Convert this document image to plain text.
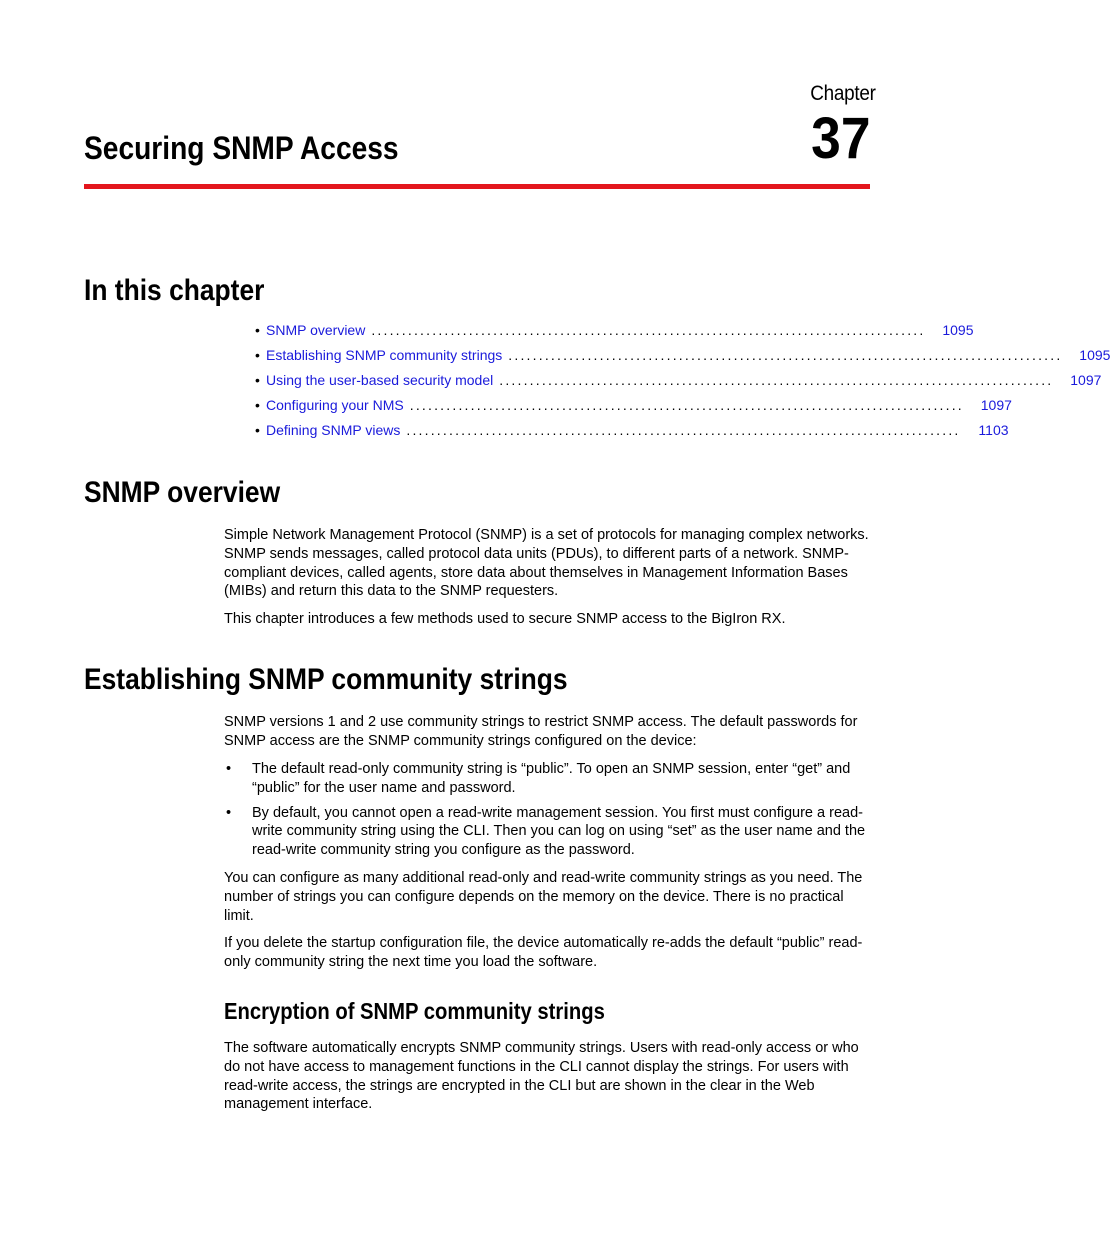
Chapter
37
Securing SNMP Access
In this chapter
• SNMP overview ...........................................................................................	1095
• Establishing SNMP community strings ...........................................................................................	1095
• Using the user-based security model ...........................................................................................	1097
• Configuring your NMS ...........................................................................................	1097
• Defining SNMP views ...........................................................................................	1103
SNMP overview

Simple Network Management Protocol (SNMP) is a set of protocols for managing complex networks. SNMP sends messages, called protocol data units (PDUs), to different parts of a network. SNMP-compliant devices, called agents, store data about themselves in Management Information Bases (MIBs) and return this data to the SNMP requesters.

This chapter introduces a few methods used to secure SNMP access to the BigIron RX.

Establishing SNMP community strings

SNMP versions 1 and 2 use community strings to restrict SNMP access. The default passwords for SNMP access are the SNMP community strings configured on the device:

• The default read-only community string is “public”. To open an SNMP session, enter “get” and “public” for the user name and password.
• By default, you cannot open a read-write management session. You first must configure a read-write community string using the CLI. Then you can log on using “set” as the user name and the read-write community string you configure as the password.

You can configure as many additional read-only and read-write community strings as you need. The number of strings you can configure depends on the memory on the device. There is no practical limit.

If you delete the startup configuration file, the device automatically re-adds the default “public” read-only community string the next time you load the software.

Encryption of SNMP community strings

The software automatically encrypts SNMP community strings. Users with read-only access or who do not have access to management functions in the CLI cannot display the strings. For users with read-write access, the strings are encrypted in the CLI but are shown in the clear in the Web management interface.
